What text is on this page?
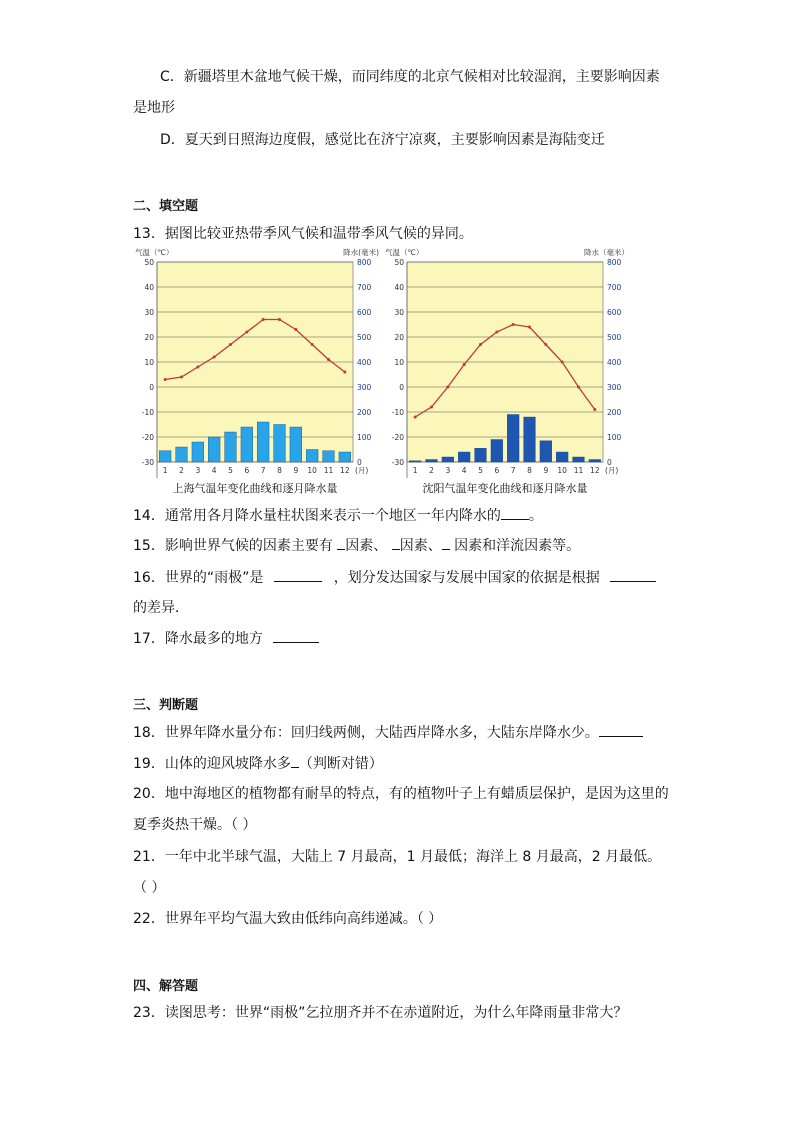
C．新疆塔里木盆地气候干燥，而同纬度的北京气候相对比较湿润，主要影响因素
是地形
D．夏天到日照海边度假，感觉比在济宁凉爽，主要影响因素是海陆变迁
二、填空题
13．据图比较亚热带季风气候和温带季风气候的异同。
50
40
30
20
10
0
-10
-20
-30
800
700
600
500
400
300
200
100
0
气温（℃）	降水(毫米)
1 2 3 4 5 6 7 8 9 10 11 12 (月)
上海气温年变化曲线和逐月降水量
50
40
30
20
10
0
-10
-20
-30
800
700
600
500
400
300
200
100
0
气温（℃）	降水（毫米）
1 2 3 4 5 6 7 8 9 10 11 12 (月)
沈阳气温年变化曲线和逐月降水量
14．通常用各月降水量柱状图来表示一个地区一年内降水的 。
15．影响世界气候的因素主要有 因素、 因素、 因素和洋流因素等。
16．世界的“雨极”是	，划分发达国家与发展中国家的依据是根据
的差异．
17．降水最多的地方
三、判断题
18．世界年降水量分布：回归线两侧，大陆西岸降水多，大陆东岸降水少。
19．山体的迎风坡降水多 （判断对错）
20．地中海地区的植物都有耐旱的特点，有的植物叶子上有蜡质层保护，是因为这里的
夏季炎热干燥。（ ）
21．一年中北半球气温，大陆上 7 月最高，1 月最低；海洋上 8 月最高，2 月最低。
（ ）
22．世界年平均气温大致由低纬向高纬递减。（ ）
四、解答题
23．读图思考：世界“雨极”乞拉朋齐并不在赤道附近，为什么年降雨量非常大？
